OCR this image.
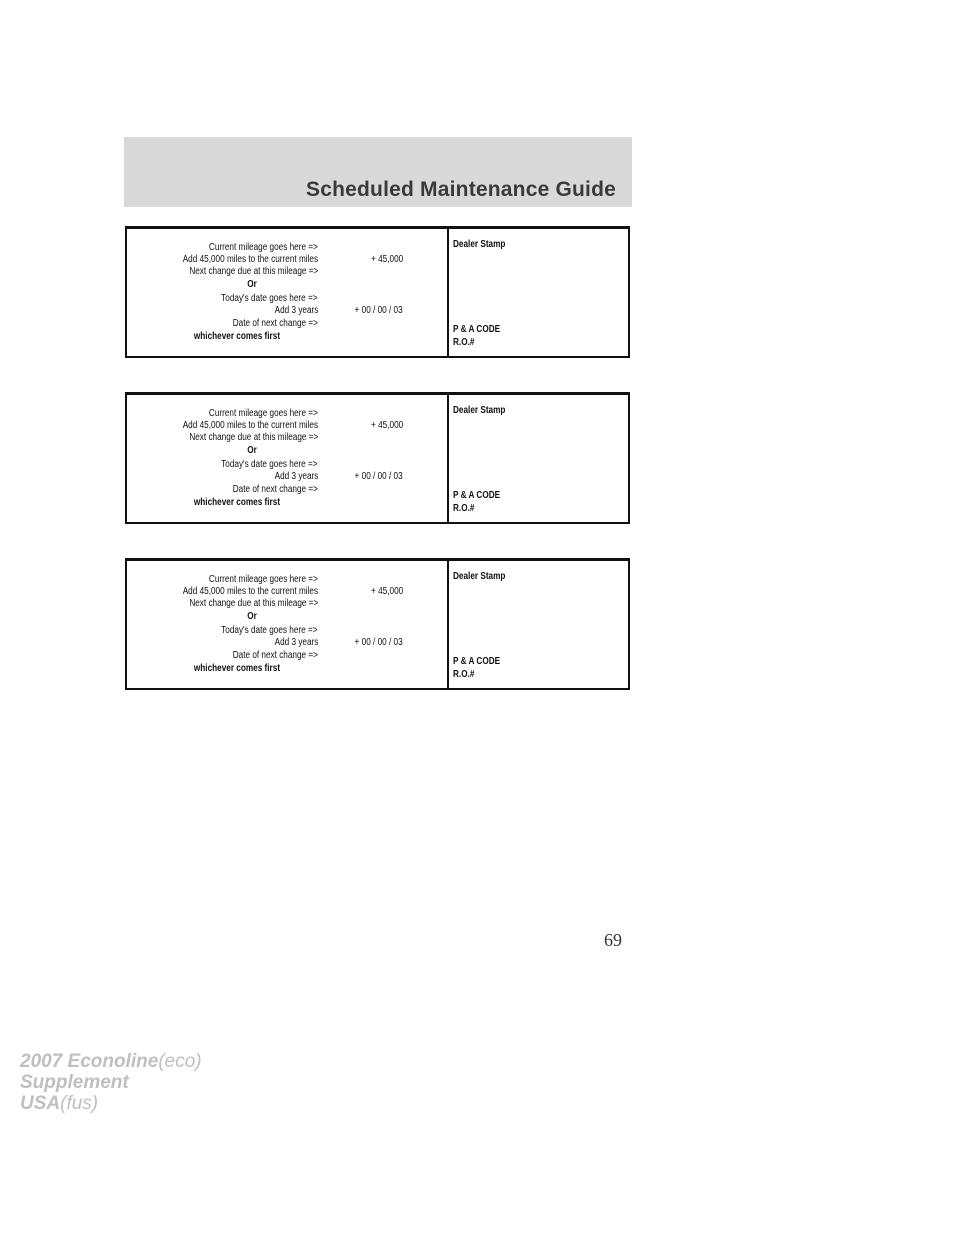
Scheduled Maintenance Guide
Current mileage goes here =>
Add 45,000 miles to the current miles	+ 45,000
Next change due at this mileage =>
Or
Today's date goes here =>
Add 3 years	+ 00 / 00 / 03
Date of next change =>
whichever comes first
Dealer Stamp
P & A CODE
R.O.#
Current mileage goes here =>
Add 45,000 miles to the current miles	+ 45,000
Next change due at this mileage =>
Or
Today's date goes here =>
Add 3 years	+ 00 / 00 / 03
Date of next change =>
whichever comes first
Dealer Stamp
P & A CODE
R.O.#
Current mileage goes here =>
Add 45,000 miles to the current miles	+ 45,000
Next change due at this mileage =>
Or
Today's date goes here =>
Add 3 years	+ 00 / 00 / 03
Date of next change =>
whichever comes first
Dealer Stamp
P & A CODE
R.O.#
69
2007 Econoline(eco)
Supplement
USA(fus)
